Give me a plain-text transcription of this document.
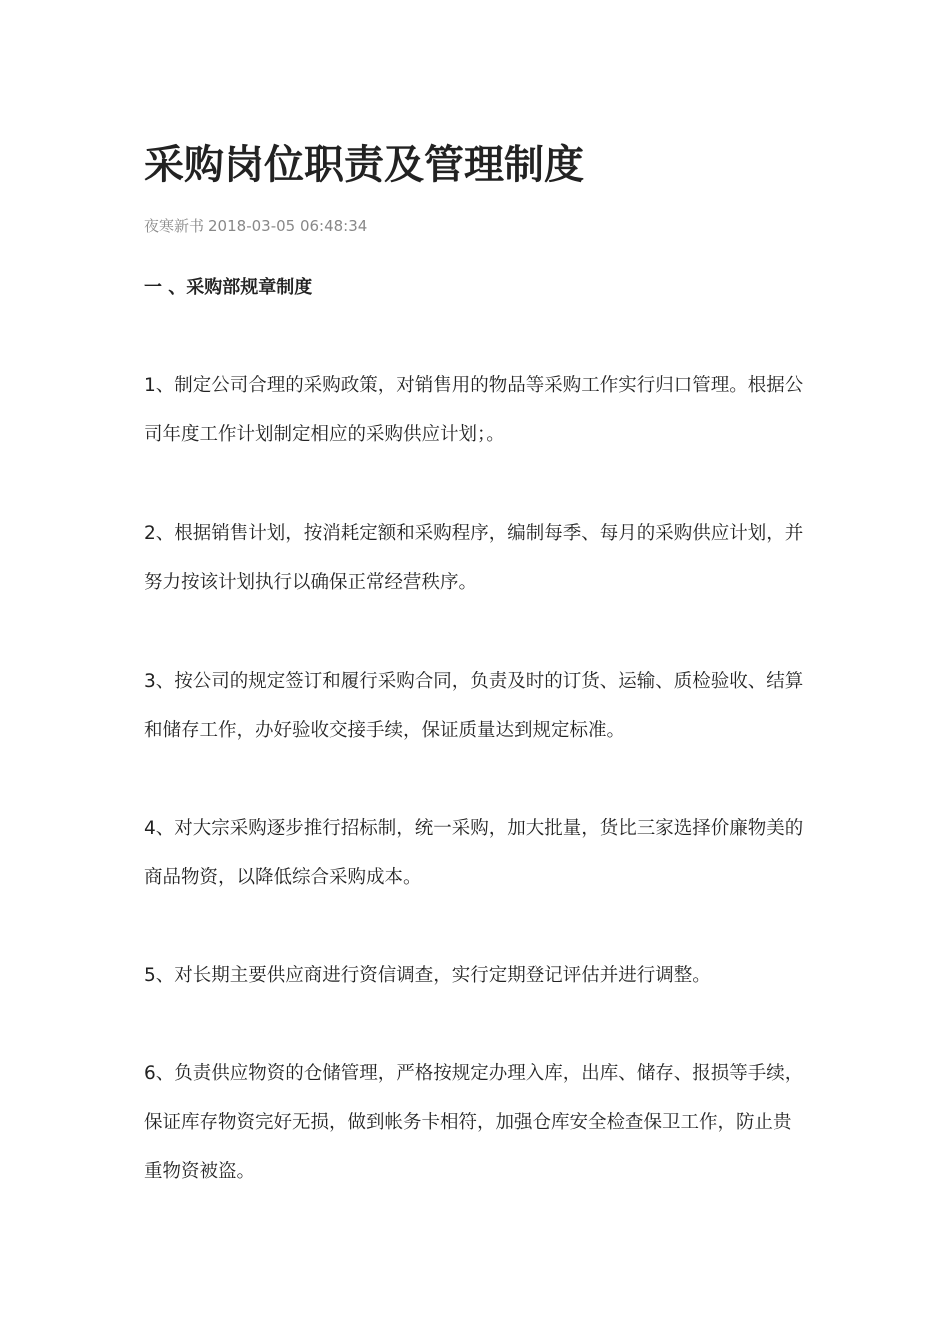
采购岗位职责及管理制度
夜寒新书 2018-03-05 06:48:34
一 、采购部规章制度

1、制定公司合理的采购政策，对销售用的物品等采购工作实行归口管理。根据公司年度工作计划制定相应的采购供应计划；。

2、根据销售计划，按消耗定额和采购程序，编制每季、每月的采购供应计划，并努力按该计划执行以确保正常经营秩序。

3、按公司的规定签订和履行采购合同，负责及时的订货、运输、质检验收、结算和储存工作，办好验收交接手续，保证质量达到规定标准。

4、对大宗采购逐步推行招标制，统一采购，加大批量，货比三家选择价廉物美的商品物资，以降低综合采购成本。

5、对长期主要供应商进行资信调查，实行定期登记评估并进行调整。

6、负责供应物资的仓储管理，严格按规定办理入库，出库、储存、报损等手续，保证库存物资完好无损，做到帐务卡相符，加强仓库安全检查保卫工作，防止贵重物资被盗。
